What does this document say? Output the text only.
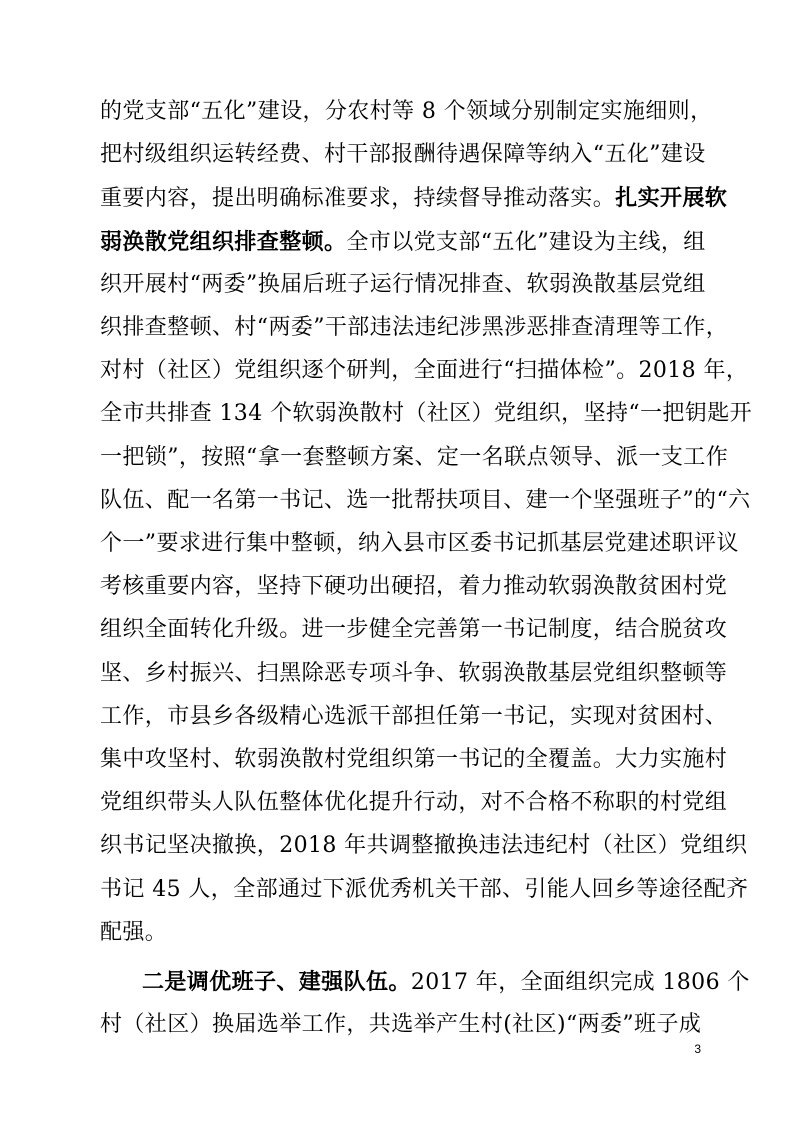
的党支部“五化”建设，分农村等 8 个领域分别制定实施细则，
把村级组织运转经费、村干部报酬待遇保障等纳入“五化”建设
重要内容，提出明确标准要求，持续督导推动落实。扎实开展软
弱涣散党组织排查整顿。全市以党支部“五化”建设为主线，组
织开展村“两委”换届后班子运行情况排查、软弱涣散基层党组
织排查整顿、村“两委”干部违法违纪涉黑涉恶排查清理等工作，
对村（社区）党组织逐个研判，全面进行“扫描体检”。2018 年，
全市共排查 134 个软弱涣散村（社区）党组织，坚持“一把钥匙开
一把锁”，按照“拿一套整顿方案、定一名联点领导、派一支工作
队伍、配一名第一书记、选一批帮扶项目、建一个坚强班子”的“六
个一”要求进行集中整顿，纳入县市区委书记抓基层党建述职评议
考核重要内容，坚持下硬功出硬招，着力推动软弱涣散贫困村党
组织全面转化升级。进一步健全完善第一书记制度，结合脱贫攻
坚、乡村振兴、扫黑除恶专项斗争、软弱涣散基层党组织整顿等
工作，市县乡各级精心选派干部担任第一书记，实现对贫困村、
集中攻坚村、软弱涣散村党组织第一书记的全覆盖。大力实施村
党组织带头人队伍整体优化提升行动，对不合格不称职的村党组
织书记坚决撤换，2018 年共调整撤换违法违纪村（社区）党组织
书记 45 人，全部通过下派优秀机关干部、引能人回乡等途径配齐
配强。
3
二是调优班子、建强队伍。2017 年，全面组织完成 1806 个
村（社区）换届选举工作，共选举产生村(社区)“两委”班子成
